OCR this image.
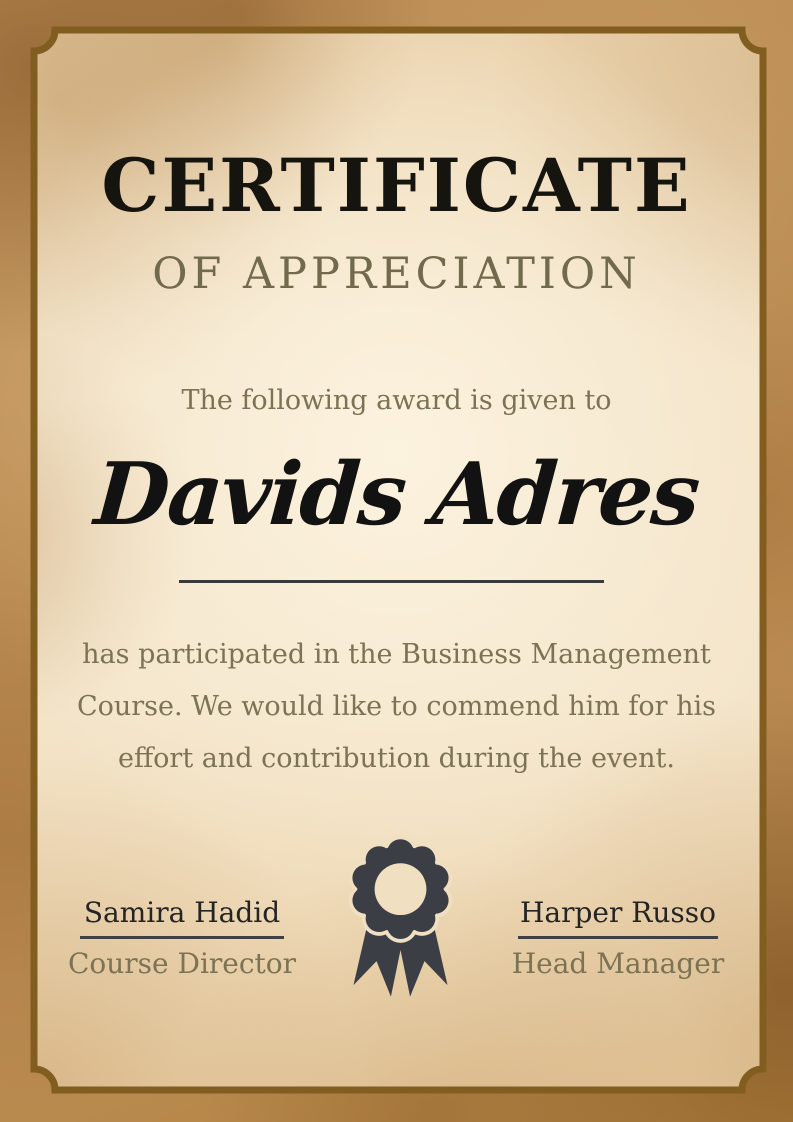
CERTIFICATE
OF APPRECIATION
The following award is given to
Davids Adres
has participated in the Business Management
Course. We would like to commend him for his
effort and contribution during the event.
Samira Hadid
Course Director
Harper Russo
Head Manager
